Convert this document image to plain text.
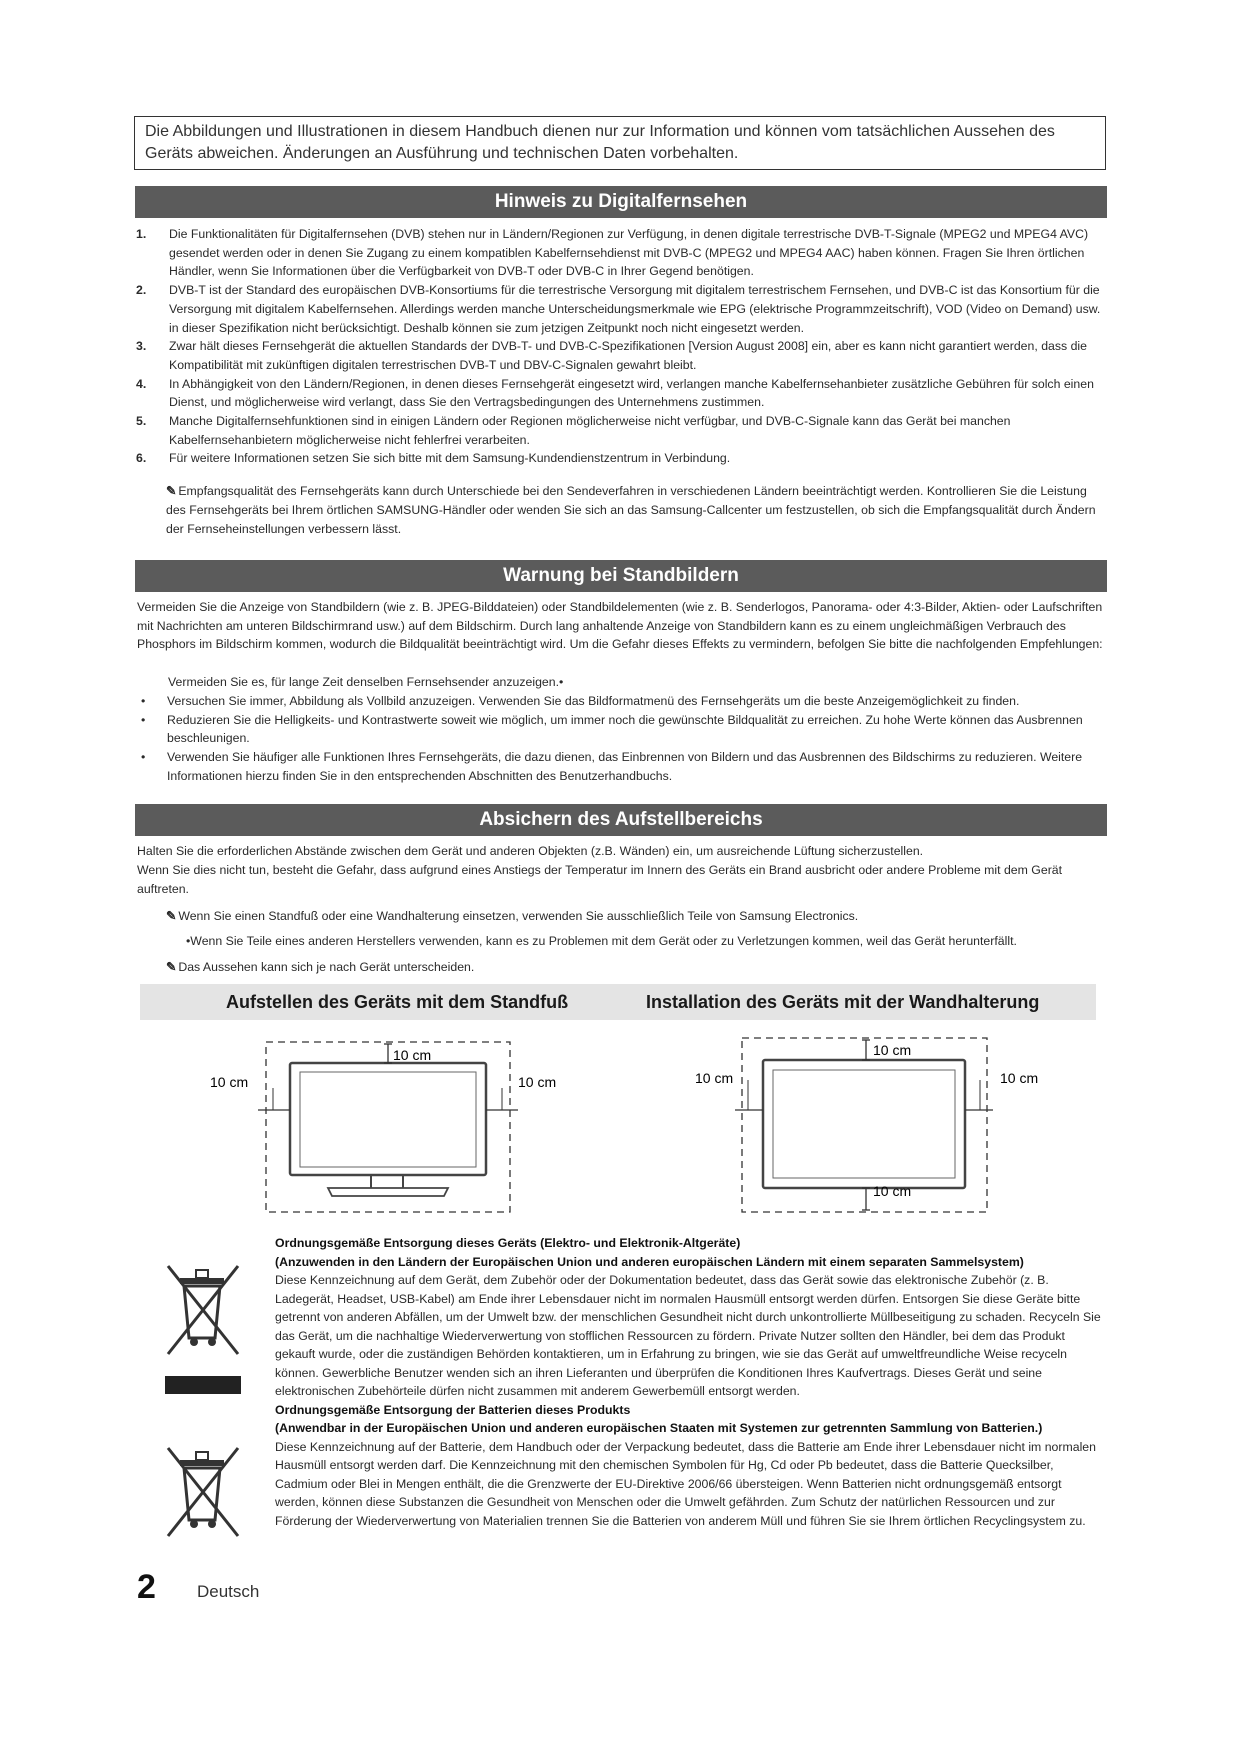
Die Abbildungen und Illustrationen in diesem Handbuch dienen nur zur Information und können vom tatsächlichen Aussehen des Geräts abweichen. Änderungen an Ausführung und technischen Daten vorbehalten.
Hinweis zu Digitalfernsehen
1.	Die Funktionalitäten für Digitalfernsehen (DVB) stehen nur in Ländern/Regionen zur Verfügung, in denen digitale terrestrische DVB-T-Signale (MPEG2 und MPEG4 AVC) gesendet werden oder in denen Sie Zugang zu einem kompatiblen Kabelfernsehdienst mit DVB-C (MPEG2 und MPEG4 AAC) haben können. Fragen Sie Ihren örtlichen Händler, wenn Sie Informationen über die Verfügbarkeit von DVB-T oder DVB-C in Ihrer Gegend benötigen.
2.	DVB-T ist der Standard des europäischen DVB-Konsortiums für die terrestrische Versorgung mit digitalem terrestrischem Fernsehen, und DVB-C ist das Konsortium für die Versorgung mit digitalem Kabelfernsehen. Allerdings werden manche Unterscheidungsmerkmale wie EPG (elektrische Programmzeitschrift), VOD (Video on Demand) usw. in dieser Spezifikation nicht berücksichtigt. Deshalb können sie zum jetzigen Zeitpunkt noch nicht eingesetzt werden.
3.	Zwar hält dieses Fernsehgerät die aktuellen Standards der DVB-T- und DVB-C-Spezifikationen [Version August 2008] ein, aber es kann nicht garantiert werden, dass die Kompatibilität mit zukünftigen digitalen terrestrischen DVB-T und DBV-C-Signalen gewahrt bleibt.
4.	In Abhängigkeit von den Ländern/Regionen, in denen dieses Fernsehgerät eingesetzt wird, verlangen manche Kabelfernsehanbieter zusätzliche Gebühren für solch einen Dienst, und möglicherweise wird verlangt, dass Sie den Vertragsbedingungen des Unternehmens zustimmen.
5.	Manche Digitalfernsehfunktionen sind in einigen Ländern oder Regionen möglicherweise nicht verfügbar, und DVB-C-Signale kann das Gerät bei manchen Kabelfernsehanbietern möglicherweise nicht fehlerfrei verarbeiten.
6.	Für weitere Informationen setzen Sie sich bitte mit dem Samsung-Kundendienstzentrum in Verbindung.
✎ Empfangsqualität des Fernsehgeräts kann durch Unterschiede bei den Sendeverfahren in verschiedenen Ländern beeinträchtigt werden. Kontrollieren Sie die Leistung des Fernsehgeräts bei Ihrem örtlichen SAMSUNG-Händler oder wenden Sie sich an das Samsung-Callcenter um festzustellen, ob sich die Empfangsqualität durch Ändern der Fernseheinstellungen verbessern lässt.
Warnung bei Standbildern
Vermeiden Sie die Anzeige von Standbildern (wie z. B. JPEG-Bilddateien) oder Standbildelementen (wie z. B. Senderlogos, Panorama- oder 4:3-Bilder, Aktien- oder Laufschriften mit Nachrichten am unteren Bildschirmrand usw.) auf dem Bildschirm. Durch lang anhaltende Anzeige von Standbildern kann es zu einem ungleichmäßigen Verbrauch des Phosphors im Bildschirm kommen, wodurch die Bildqualität beeinträchtigt wird. Um die Gefahr dieses Effekts zu vermindern, befolgen Sie bitte die nachfolgenden Empfehlungen:
Vermeiden Sie es, für lange Zeit denselben Fernsehsender anzuzeigen.•
•	Versuchen Sie immer, Abbildung als Vollbild anzuzeigen. Verwenden Sie das Bildformatmenü des Fernsehgeräts um die beste Anzeigemöglichkeit zu finden.
•	Reduzieren Sie die Helligkeits- und Kontrastwerte soweit wie möglich, um immer noch die gewünschte Bildqualität zu erreichen. Zu hohe Werte können das Ausbrennen beschleunigen.
•	Verwenden Sie häufiger alle Funktionen Ihres Fernsehgeräts, die dazu dienen, das Einbrennen von Bildern und das Ausbrennen des Bildschirms zu reduzieren. Weitere Informationen hierzu finden Sie in den entsprechenden Abschnitten des Benutzerhandbuchs.
Absichern des Aufstellbereichs
Halten Sie die erforderlichen Abstände zwischen dem Gerät und anderen Objekten (z.B. Wänden) ein, um ausreichende Lüftung sicherzustellen.
Wenn Sie dies nicht tun, besteht die Gefahr, dass aufgrund eines Anstiegs der Temperatur im Innern des Geräts ein Brand ausbricht oder andere Probleme mit dem Gerät auftreten.
✎ Wenn Sie einen Standfuß oder eine Wandhalterung einsetzen, verwenden Sie ausschließlich Teile von Samsung Electronics.
•Wenn Sie Teile eines anderen Herstellers verwenden, kann es zu Problemen mit dem Gerät oder zu Verletzungen kommen, weil das Gerät herunterfällt.
✎ Das Aussehen kann sich je nach Gerät unterscheiden.
Aufstellen des Geräts mit dem Standfuß	Installation des Geräts mit der Wandhalterung
10 cm
10 cm	10 cm
10 cm
10 cm	10 cm
10 cm
Ordnungsgemäße Entsorgung dieses Geräts (Elektro- und Elektronik-Altgeräte)
(Anzuwenden in den Ländern der Europäischen Union und anderen europäischen Ländern mit einem separaten Sammelsystem)
Diese Kennzeichnung auf dem Gerät, dem Zubehör oder der Dokumentation bedeutet, dass das Gerät sowie das elektronische Zubehör (z. B. Ladegerät, Headset, USB-Kabel) am Ende ihrer Lebensdauer nicht im normalen Hausmüll entsorgt werden dürfen. Entsorgen Sie diese Geräte bitte getrennt von anderen Abfällen, um der Umwelt bzw. der menschlichen Gesundheit nicht durch unkontrollierte Müllbeseitigung zu schaden. Recyceln Sie das Gerät, um die nachhaltige Wiederverwertung von stofflichen Ressourcen zu fördern. Private Nutzer sollten den Händler, bei dem das Produkt gekauft wurde, oder die zuständigen Behörden kontaktieren, um in Erfahrung zu bringen, wie sie das Gerät auf umweltfreundliche Weise recyceln können. Gewerbliche Benutzer wenden sich an ihren Lieferanten und überprüfen die Konditionen Ihres Kaufvertrags. Dieses Gerät und seine elektronischen Zubehörteile dürfen nicht zusammen mit anderem Gewerbemüll entsorgt werden.
Ordnungsgemäße Entsorgung der Batterien dieses Produkts
(Anwendbar in der Europäischen Union und anderen europäischen Staaten mit Systemen zur getrennten Sammlung von Batterien.)
Diese Kennzeichnung auf der Batterie, dem Handbuch oder der Verpackung bedeutet, dass die Batterie am Ende ihrer Lebensdauer nicht im normalen Hausmüll entsorgt werden darf. Die Kennzeichnung mit den chemischen Symbolen für Hg, Cd oder Pb bedeutet, dass die Batterie Quecksilber, Cadmium oder Blei in Mengen enthält, die die Grenzwerte der EU-Direktive 2006/66 übersteigen. Wenn Batterien nicht ordnungsgemäß entsorgt werden, können diese Substanzen die Gesundheit von Menschen oder die Umwelt gefährden. Zum Schutz der natürlichen Ressourcen und zur Förderung der Wiederverwertung von Materialien trennen Sie die Batterien von anderem Müll und führen Sie sie Ihrem örtlichen Recyclingsystem zu.
2 Deutsch
